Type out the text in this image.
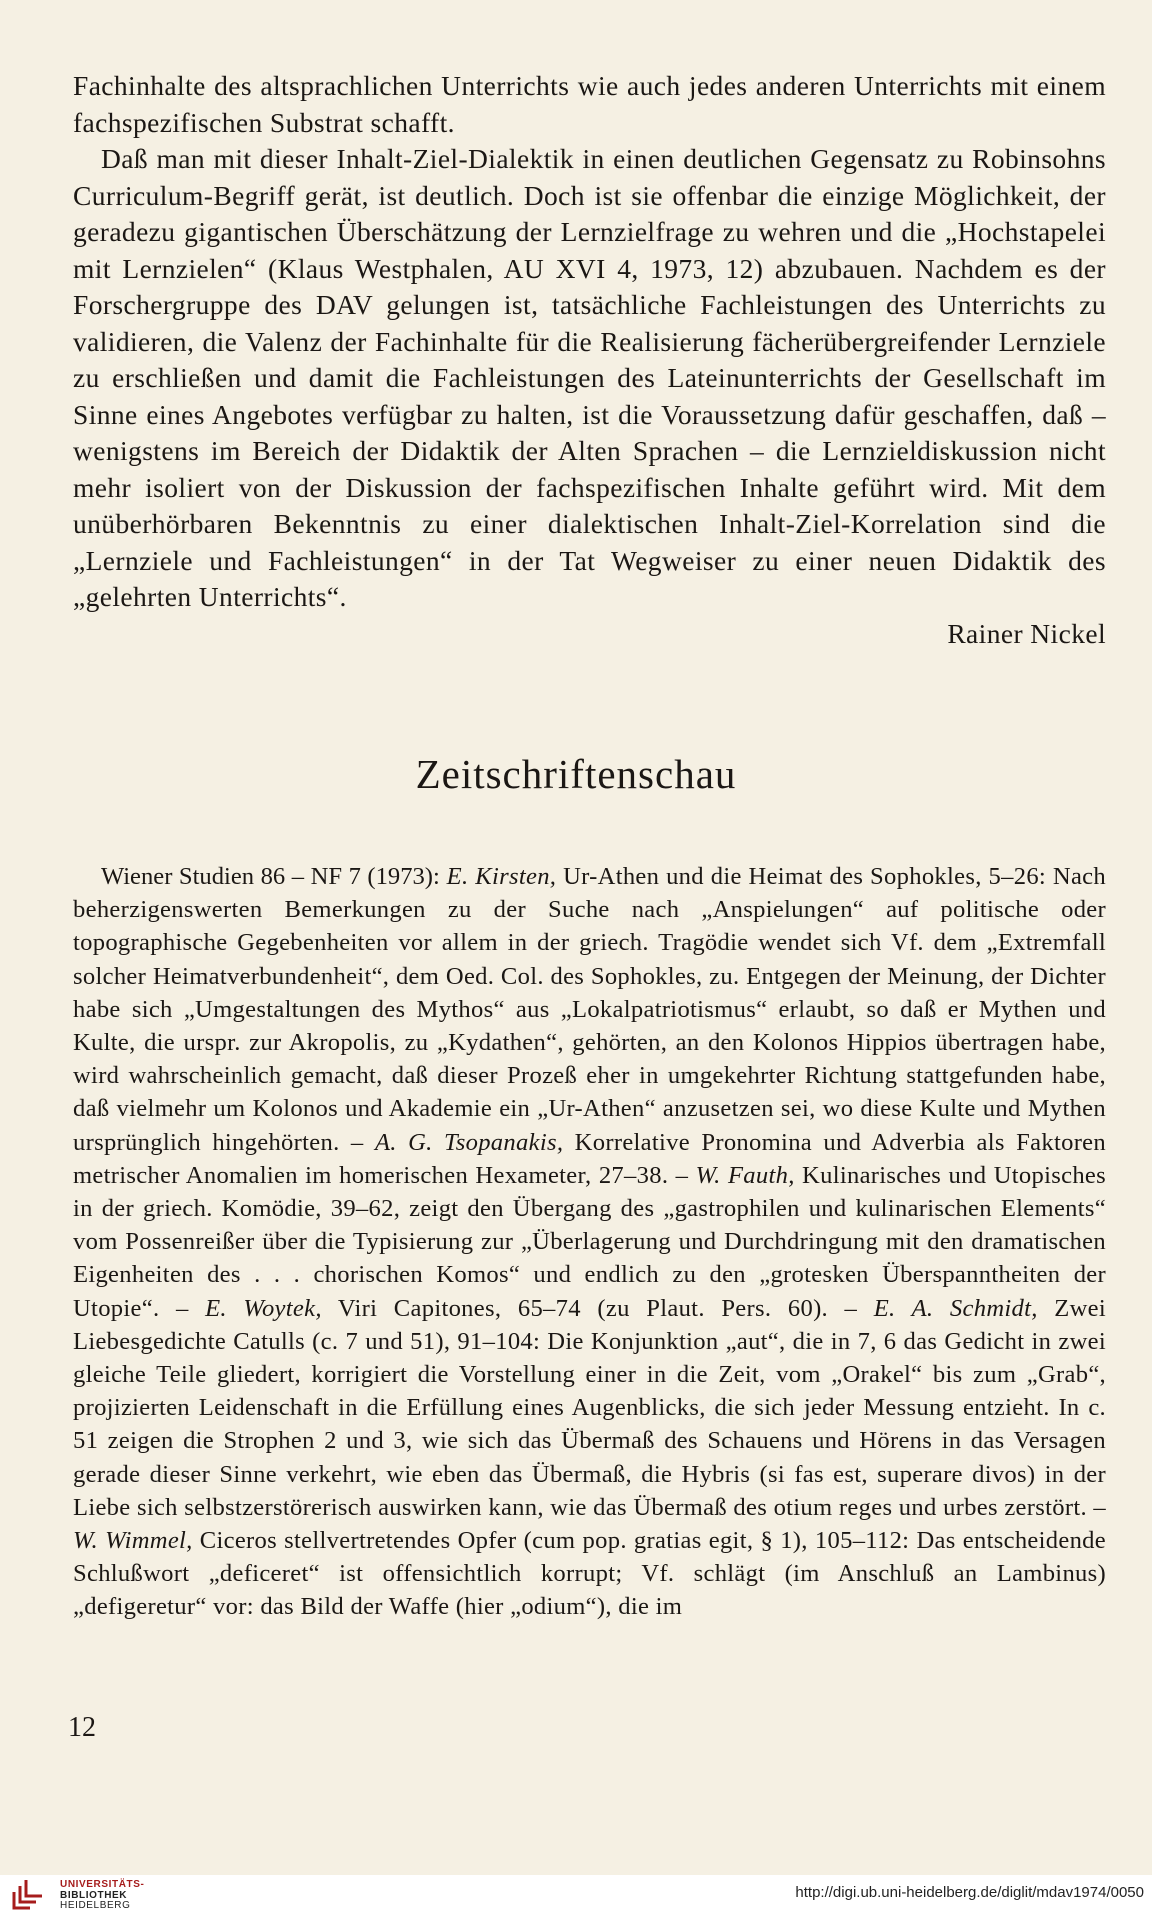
Fachinhalte des altsprachlichen Unterrichts wie auch jedes anderen Unterrichts mit einem fachspezifischen Substrat schafft.

Daß man mit dieser Inhalt-Ziel-Dialektik in einen deutlichen Gegensatz zu Robinsohns Curriculum-Begriff gerät, ist deutlich. Doch ist sie offenbar die einzige Möglichkeit, der geradezu gigantischen Überschätzung der Lernzielfrage zu wehren und die „Hochstapelei mit Lernzielen“ (Klaus Westphalen, AU XVI 4, 1973, 12) abzubauen. Nachdem es der Forschergruppe des DAV gelungen ist, tatsächliche Fachleistungen des Unterrichts zu validieren, die Valenz der Fachinhalte für die Realisierung fächerübergreifender Lernziele zu erschließen und damit die Fachleistungen des Lateinunterrichts der Gesellschaft im Sinne eines Angebotes verfügbar zu halten, ist die Voraussetzung dafür geschaffen, daß – wenigstens im Bereich der Didaktik der Alten Sprachen – die Lernzieldiskussion nicht mehr isoliert von der Diskussion der fachspezifischen Inhalte geführt wird. Mit dem unüberhörbaren Bekenntnis zu einer dialektischen Inhalt-Ziel-Korrelation sind die „Lernziele und Fachleistungen“ in der Tat Wegweiser zu einer neuen Didaktik des „gelehrten Unterrichts“.

Rainer Nickel

Zeitschriftenschau

Wiener Studien 86 – NF 7 (1973): E. Kirsten, Ur-Athen und die Heimat des Sophokles, 5–26: Nach beherzigenswerten Bemerkungen zu der Suche nach „Anspielungen“ auf politische oder topographische Gegebenheiten vor allem in der griech. Tragödie wendet sich Vf. dem „Extremfall solcher Heimatverbundenheit“, dem Oed. Col. des Sophokles, zu. Entgegen der Meinung, der Dichter habe sich „Umgestaltungen des Mythos“ aus „Lokalpatriotismus“ erlaubt, so daß er Mythen und Kulte, die urspr. zur Akropolis, zu „Kydathen“, gehörten, an den Kolonos Hippios übertragen habe, wird wahrscheinlich gemacht, daß dieser Prozeß eher in umgekehrter Richtung stattgefunden habe, daß vielmehr um Kolonos und Akademie ein „Ur-Athen“ anzusetzen sei, wo diese Kulte und Mythen ursprünglich hingehörten. – A. G. Tsopanakis, Korrelative Pronomina und Adverbia als Faktoren metrischer Anomalien im homerischen Hexameter, 27–38. – W. Fauth, Kulinarisches und Utopisches in der griech. Komödie, 39–62, zeigt den Übergang des „gastrophilen und kulinarischen Elements“ vom Possenreißer über die Typisierung zur „Überlagerung und Durchdringung mit den dramatischen Eigenheiten des . . . chorischen Komos“ und endlich zu den „grotesken Überspanntheiten der Utopie“. – E. Woytek, Viri Capitones, 65–74 (zu Plaut. Pers. 60). – E. A. Schmidt, Zwei Liebesgedichte Catulls (c. 7 und 51), 91–104: Die Konjunktion „aut“, die in 7, 6 das Gedicht in zwei gleiche Teile gliedert, korrigiert die Vorstellung einer in die Zeit, vom „Orakel“ bis zum „Grab“, projizierten Leidenschaft in die Erfüllung eines Augenblicks, die sich jeder Messung entzieht. In c. 51 zeigen die Strophen 2 und 3, wie sich das Übermaß des Schauens und Hörens in das Versagen gerade dieser Sinne verkehrt, wie eben das Übermaß, die Hybris (si fas est, superare divos) in der Liebe sich selbstzerstörerisch auswirken kann, wie das Übermaß des otium reges und urbes zerstört. – W. Wimmel, Ciceros stellvertretendes Opfer (cum pop. gratias egit, § 1), 105–112: Das entscheidende Schlußwort „deficeret“ ist offensichtlich korrupt; Vf. schlägt (im Anschluß an Lambinus) „defigeretur“ vor: das Bild der Waffe (hier „odium“), die im

12
UNIVERSITÄTS-
BIBLIOTHEK
HEIDELBERG
http://digi.ub.uni-heidelberg.de/diglit/mdav1974/0050
